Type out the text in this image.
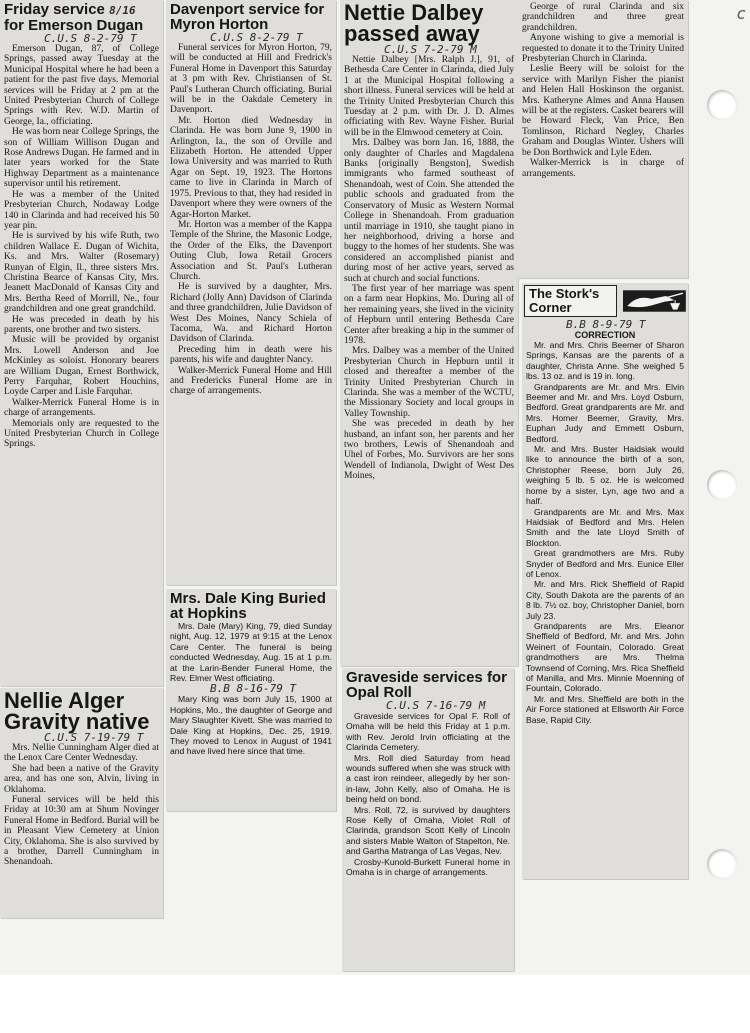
c
Friday service 8/16
for Emerson Dugan
C.U.S 8-2-79 T

Emerson Dugan, 87, of College Springs, passed away Tuesday at the Municipal Hospital where he had been a patient for the past five days. Memorial services will be Friday at 2 pm at the United Presbyterian Church of College Springs with Rev. W.D. Martin of George, Ia., officiating.

He was born near College Springs, the son of William Willison Dugan and Rose Andrews Dugan. He farmed and in later years worked for the State Highway Department as a maintenance supervisor until his retirement.

He was a member of the United Presbyterian Church, Nodaway Lodge 140 in Clarinda and had received his 50 year pin.

He is survived by his wife Ruth, two children Wallace E. Dugan of Wichita, Ks. and Mrs. Walter (Rosemary) Runyan of Elgin, Il., three sisters Mrs. Christina Bearce of Kansas City, Mrs. Jeanett MacDonald of Kansas City and Mrs. Bertha Reed of Morrill, Ne., four grandchildren and one great grandchild.

He was preceded in death by his parents, one brother and two sisters.

Music will be provided by organist Mrs. Lowell Anderson and Joe McKinley as soloist. Honorary bearers are William Dugan, Ernest Borthwick, Perry Farquhar, Robert Houchins, Loyde Carper and Lisle Farquhar.

Walker-Merrick Funeral Home is in charge of arrangements.

Memorials only are requested to the United Presbyterian Church in College Springs.

Nellie Alger Gravity native
C.U.S 7-19-79 T

Mrs. Nellie Cunningham Alger died at the Lenox Care Center Wednesday.

She had been a native of the Gravity area, and has one son, Alvin, living in Oklahoma.

Funeral services will be held this Friday at 10:30 am at Shum Novinger Funeral Home in Bedford. Burial will be in Pleasant View Cemetery at Union City, Oklahoma. She is also survived by a brother, Darrell Cunningham in Shenandoah.

Davenport service for Myron Horton
C.U.S 8-2-79 T

Funeral services for Myron Horton, 79, will be conducted at Hill and Fredrick's Funeral Home in Davenport this Saturday at 3 pm with Rev. Christiansen of St. Paul's Lutheran Church officiating. Burial will be in the Oakdale Cemetery in Davenport.

Mr. Horton died Wednesday in Clarinda. He was born June 9, 1900 in Arlington, Ia., the son of Orville and Elizabeth Horton. He attended Upper Iowa University and was married to Ruth Agar on Sept. 19, 1923. The Hortons came to live in Clarinda in March of 1975. Previous to that, they had resided in Davenport where they were owners of the Agar-Horton Market.

Mr. Horton was a member of the Kappa Temple of the Shrine, the Masonic Lodge, the Order of the Elks, the Davenport Outing Club, Iowa Retail Grocers Association and St. Paul's Lutheran Church.

He is survived by a daughter, Mrs. Richard (Jolly Ann) Davidson of Clarinda and three grandchildren, Julie Davidson of West Des Moines, Nancy Schiela of Tacoma, Wa. and Richard Horton Davidson of Clarinda.

Preceding him in death were his parents, his wife and daughter Nancy.

Walker-Merrick Funeral Home and Hill and Fredericks Funeral Home are in charge of arrangements.

Mrs. Dale King Buried at Hopkins

Mrs. Dale (Mary) King, 79, died Sunday night, Aug. 12, 1979 at 9:15 at the Lenox Care Center. The funeral is being conducted Wednesday, Aug. 15 at 1 p.m. at the Larin-Bender Funeral Home, the Rev. Elmer West officiating.

B.B 8-16-79 T

Mary King was born July 15, 1900 at Hopkins, Mo., the daughter of George and Mary Slaughter Kivett. She was married to Dale King at Hopkins, Dec. 25, 1919. They moved to Lenox in August of 1941 and have lived here since that time.

Nettie Dalbey passed away
C.U.S 7-2-79 M

Nettie Dalbey [Mrs. Ralph J.], 91, of Bethesda Care Center in Clarinda, died July 1 at the Municipal Hospital following a short illness. Funeral services will be held at the Trinity United Presbyterian Church this Tuesday at 2 p.m. with Dr. J. D. Almes officiating with Rev. Wayne Fisher. Burial will be in the Elmwood cemetery at Coin.

Mrs. Dalbey was born Jan. 16, 1888, the only daughter of Charles and Magdalena Banks [originally Bengston], Swedish immigrants who farmed southeast of Shenandoah, west of Coin. She attended the public schools and graduated from the Conservatory of Music as Western Normal College in Shenandoah. From graduation until marriage in 1910, she taught piano in her neighborhood, driving a horse and buggy to the homes of her students. She was considered an accomplished pianist and during most of her active years, served as such at church and social functions.

The first year of her marriage was spent on a farm near Hopkins, Mo. During all of her remaining years, she lived in the vicinity of Hepburn until entering Bethesda Care Center after breaking a hip in the summer of 1978.

Mrs. Dalbey was a member of the United Presbyterian Church in Hepburn until it closed and thereafter a member of the Trinity United Presbyterian Church in Clarinda. She was a member of the WCTU, the Missionary Society and local groups in Valley Township.

She was preceded in death by her husband, an infant son, her parents and her two brothers, Lewis of Shenandoah and Uhel of Forbes, Mo. Survivors are her sons Wendell of Indianola, Dwight of West Des Moines,

Graveside services for Opal Roll
C.U.S 7-16-79 M

Graveside services for Opal F. Roll of Omaha will be held this Friday at 1 p.m. with Rev. Jerold Irvin officiating at the Clarinda Cemetery.

Mrs. Roll died Saturday from head wounds suffered when she was struck with a cast iron reindeer, allegedly by her son-in-law, John Kelly, also of Omaha. He is being held on bond.

Mrs. Roll, 72, is survived by daughters Rose Kelly of Omaha, Violet Roll of Clarinda, grandson Scott Kelly of Lincoln and sisters Mable Walton of Stapelton, Ne. and Gartha Matranga of Las Vegas, Nev.

Crosby-Kunold-Burkett Funeral home in Omaha is in charge of arrangements.

George of rural Clarinda and six grandchildren and three great grandchildren.

Anyone wishing to give a memorial is requested to donate it to the Trinity United Presbyterian Church in Clarinda.

Leslie Beery will be soloist for the service with Marilyn Fisher the pianist and Helen Hall Hoskinson the organist. Mrs. Katheryne Almes and Anna Hausen will be at the registers. Casket bearers will be Howard Fleck, Van Price, Ben Tomlinson, Richard Negley, Charles Graham and Douglas Winter. Ushers will be Don Borthwick and Lyle Eden.

Walker-Merrick is in charge of arrangements.

The Stork's Corner
B.B 8-9-79 T

CORRECTION

Mr. and Mrs. Chris Beemer of Sharon Springs, Kansas are the parents of a daughter, Christa Anne. She weighed 5 lbs. 13 oz. and is 19 in. long.

Grandparents are Mr. and Mrs. Elvin Beemer and Mr. and Mrs. Loyd Osburn, Bedford. Great grandparents are Mr. and Mrs. Homer Beemer, Gravity, Mrs. Euphan Judy and Emmett Osburn, Bedford.

Mr. and Mrs. Buster Haidsiak would like to announce the birth of a son, Christopher Reese, born July 26, weighing 5 lb. 5 oz. He is welcomed home by a sister, Lyn, age two and a half.

Grandparents are Mr. and Mrs. Max Haidsiak of Bedford and Mrs. Helen Smith and the late Lloyd Smith of Blockton.

Great grandmothers are Mrs. Ruby Snyder of Bedford and Mrs. Eunice Eller of Lenox.

Mr. and Mrs. Rick Sheffield of Rapid City, South Dakota are the parents of an 8 lb. 7½ oz. boy, Christopher Daniel, born July 23.

Grandparents are Mrs. Eleanor Sheffield of Bedford, Mr. and Mrs. John Weinert of Fountain, Colorado. Great grandmothers are Mrs. Thelma Townsend of Corning, Mrs. Rica Sheffield of Manilla, and Mrs. Minnie Moenning of Fountain, Colorado.

Mr. and Mrs. Sheffield are both in the Air Force stationed at Ellsworth Air Force Base, Rapid City.
